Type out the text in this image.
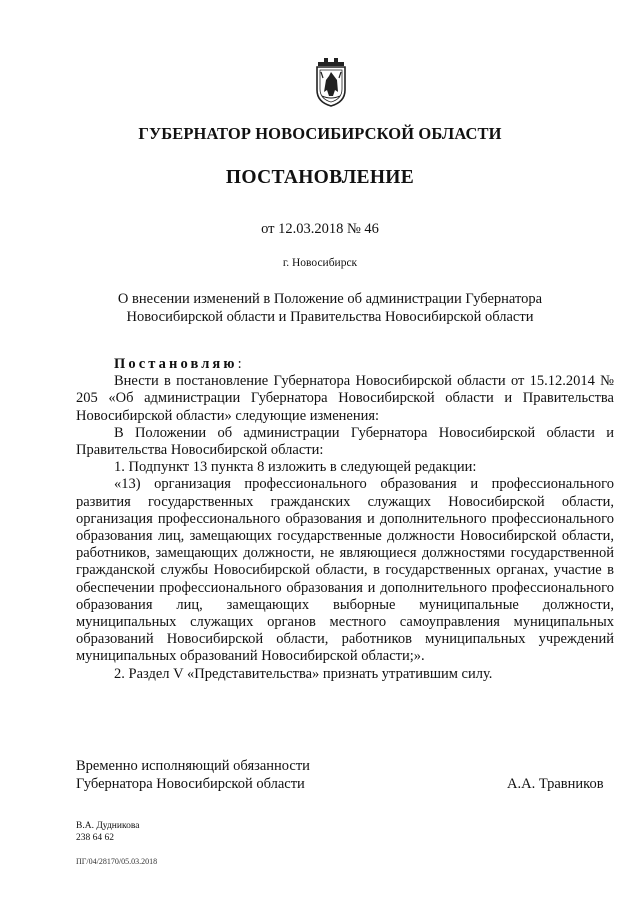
ГУБЕРНАТОР НОВОСИБИРСКОЙ ОБЛАСТИ
ПОСТАНОВЛЕНИЕ
от 12.03.2018 № 46
г. Новосибирск
О внесении изменений в Положение об администрации Губернатора
Новосибирской области и Правительства Новосибирской области

Постановляю:

Внести в постановление Губернатора Новосибирской области от 15.12.2014 № 205 «Об администрации Губернатора Новосибирской области и Правительства Новосибирской области» следующие изменения:

В Положении об администрации Губернатора Новосибирской области и Правительства Новосибирской области:

1. Подпункт 13 пункта 8 изложить в следующей редакции:

«13) организация профессионального образования и профессионального развития государственных гражданских служащих Новосибирской области, организация профессионального образования и дополнительного профессионального образования лиц, замещающих государственные должности Новосибирской области, работников, замещающих должности, не являющиеся должностями государственной гражданской службы Новосибирской области, в государственных органах, участие в обеспечении профессионального образования и дополнительного профессионального образования лиц, замещающих выборные муниципальные должности, муниципальных служащих органов местного самоуправления муниципальных образований Новосибирской области, работников муниципальных учреждений муниципальных образований Новосибирской области;».

2. Раздел V «Представительства» признать утратившим силу.

Временно исполняющий обязанности
Губернатора Новосибирской области	А.А. Травников
В.А. Дудникова
238 64 62
ПГ/04/28170/05.03.2018
